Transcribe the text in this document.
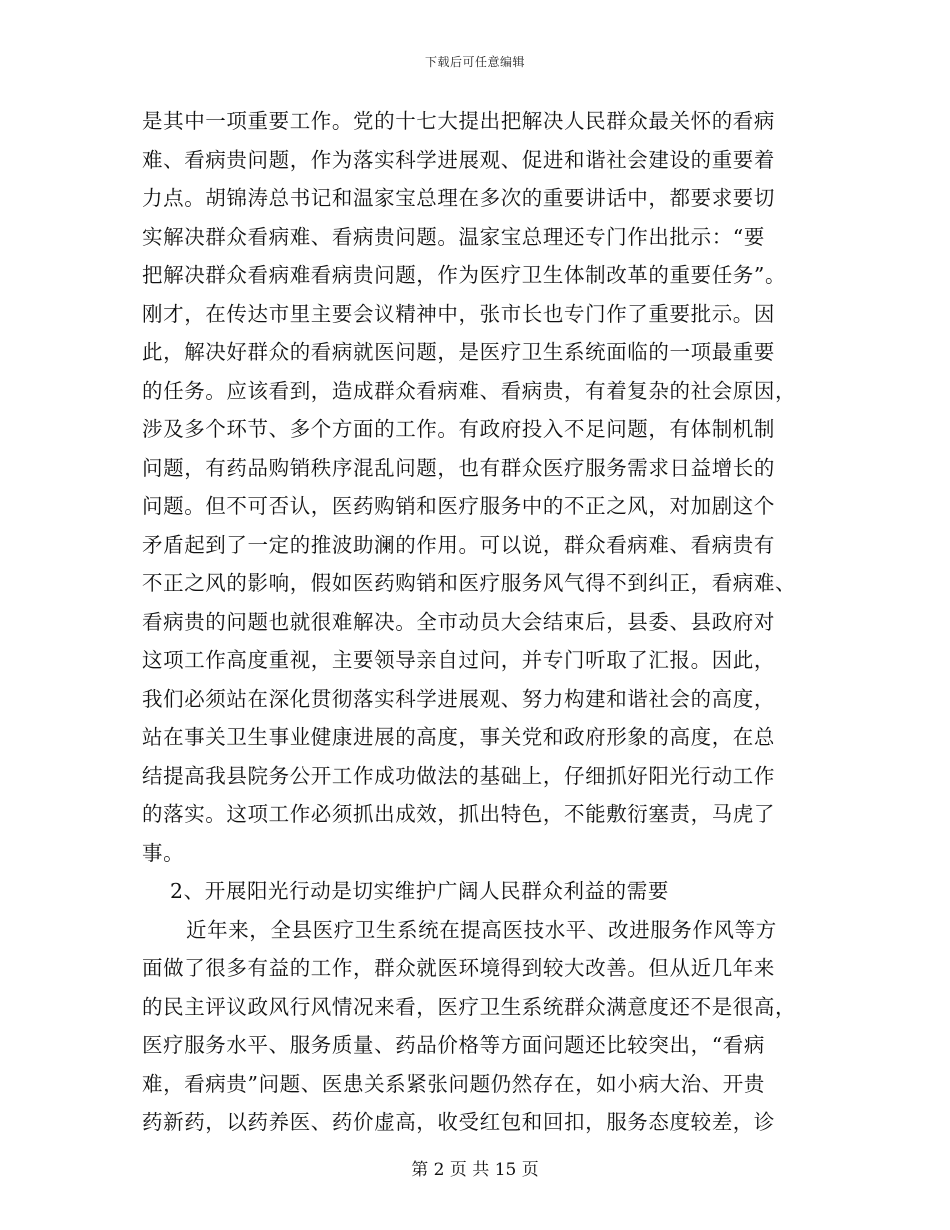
下载后可任意编辑
是其中一项重要工作。党的十七大提出把解决人民群众最关怀的看病
难、看病贵问题，作为落实科学进展观、促进和谐社会建设的重要着
力点。胡锦涛总书记和温家宝总理在多次的重要讲话中，都要求要切
实解决群众看病难、看病贵问题。温家宝总理还专门作出批示：“要
把解决群众看病难看病贵问题，作为医疗卫生体制改革的重要任务”。
刚才，在传达市里主要会议精神中，张市长也专门作了重要批示。因
此，解决好群众的看病就医问题，是医疗卫生系统面临的一项最重要
的任务。应该看到，造成群众看病难、看病贵，有着复杂的社会原因，
涉及多个环节、多个方面的工作。有政府投入不足问题，有体制机制
问题，有药品购销秩序混乱问题，也有群众医疗服务需求日益增长的
问题。但不可否认，医药购销和医疗服务中的不正之风，对加剧这个
矛盾起到了一定的推波助澜的作用。可以说，群众看病难、看病贵有
不正之风的影响，假如医药购销和医疗服务风气得不到纠正，看病难、
看病贵的问题也就很难解决。全市动员大会结束后，县委、县政府对
这项工作高度重视，主要领导亲自过问，并专门听取了汇报。因此，
我们必须站在深化贯彻落实科学进展观、努力构建和谐社会的高度，
站在事关卫生事业健康进展的高度，事关党和政府形象的高度，在总
结提高我县院务公开工作成功做法的基础上，仔细抓好阳光行动工作
的落实。这项工作必须抓出成效，抓出特色，不能敷衍塞责，马虎了
事。
2、开展阳光行动是切实维护广阔人民群众利益的需要
近年来，全县医疗卫生系统在提高医技水平、改进服务作风等方
面做了很多有益的工作，群众就医环境得到较大改善。但从近几年来
的民主评议政风行风情况来看，医疗卫生系统群众满意度还不是很高，
医疗服务水平、服务质量、药品价格等方面问题还比较突出，“看病
难，看病贵”问题、医患关系紧张问题仍然存在，如小病大治、开贵
药新药，以药养医、药价虚高，收受红包和回扣，服务态度较差，诊
第 2 页 共 15 页
